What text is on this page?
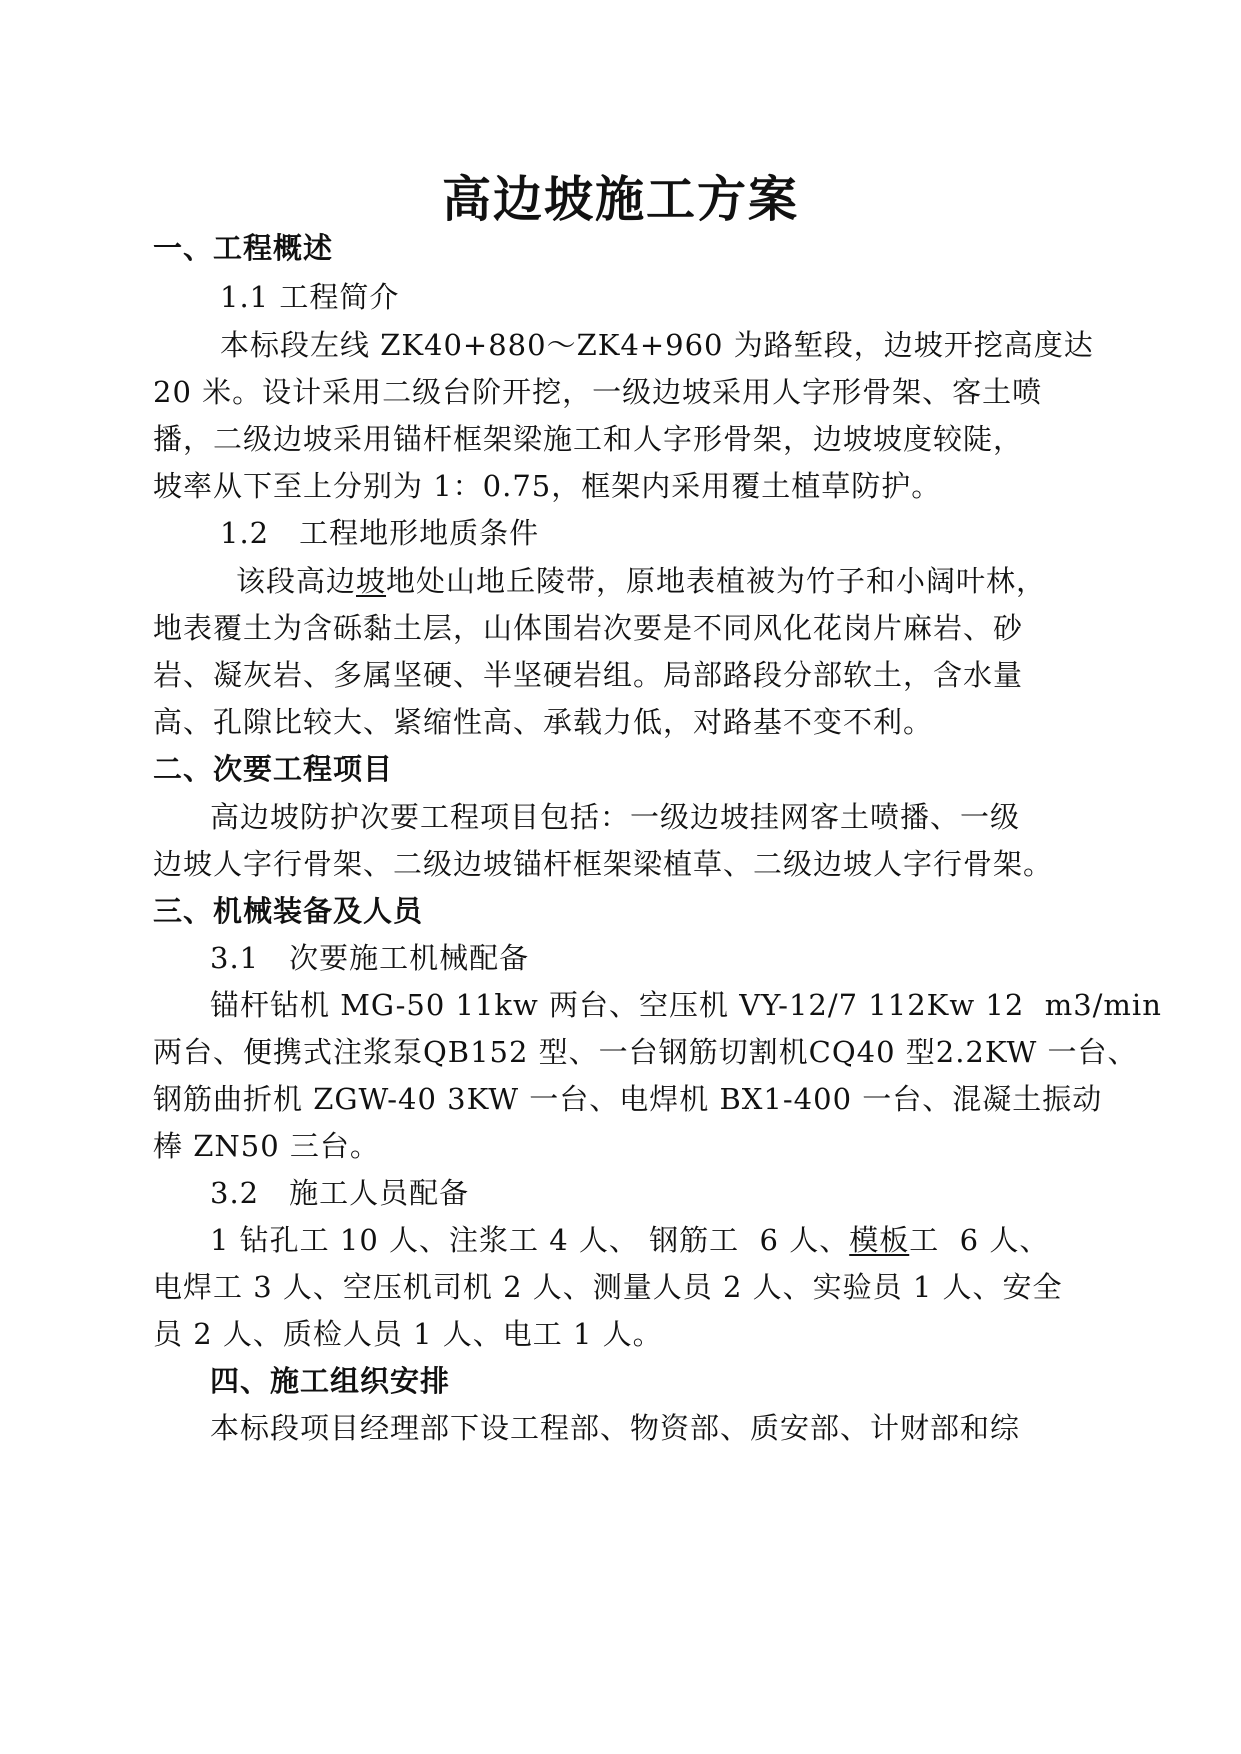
高边坡施工方案
一、工程概述
1.1 工程简介
本标段左线 ZK40+880～ZK4+960 为路堑段，边坡开挖高度达
20 米。设计采用二级台阶开挖，一级边坡采用人字形骨架、客土喷
播，二级边坡采用锚杆框架梁施工和人字形骨架，边坡坡度较陡，
坡率从下至上分别为 1：0.75，框架内采用覆土植草防护。
1.2　工程地形地质条件
该段高边坡地处山地丘陵带，原地表植被为竹子和小阔叶林，
地表覆土为含砾黏土层，山体围岩次要是不同风化花岗片麻岩、砂
岩、凝灰岩、多属坚硬、半坚硬岩组。局部路段分部软土，含水量
高、孔隙比较大、紧缩性高、承载力低，对路基不变不利。
二、次要工程项目
高边坡防护次要工程项目包括：一级边坡挂网客土喷播、一级
边坡人字行骨架、二级边坡锚杆框架梁植草、二级边坡人字行骨架。
三、机械装备及人员
3.1　次要施工机械配备
锚杆钻机 MG-50 11kw 两台、空压机 VY-12/7 112Kw 12  m3/min
两台、便携式注浆泵QB152 型、一台钢筋切割机CQ40 型2.2KW 一台、
钢筋曲折机 ZGW-40 3KW 一台、电焊机 BX1-400 一台、混凝土振动
棒 ZN50 三台。
3.2　施工人员配备
1 钻孔工 10 人、注浆工 4 人、 钢筋工  6 人、模板工  6 人、
电焊工 3 人、空压机司机 2 人、测量人员 2 人、实验员 1 人、安全
员 2 人、质检人员 1 人、电工 1 人。
四、施工组织安排
本标段项目经理部下设工程部、物资部、质安部、计财部和综
